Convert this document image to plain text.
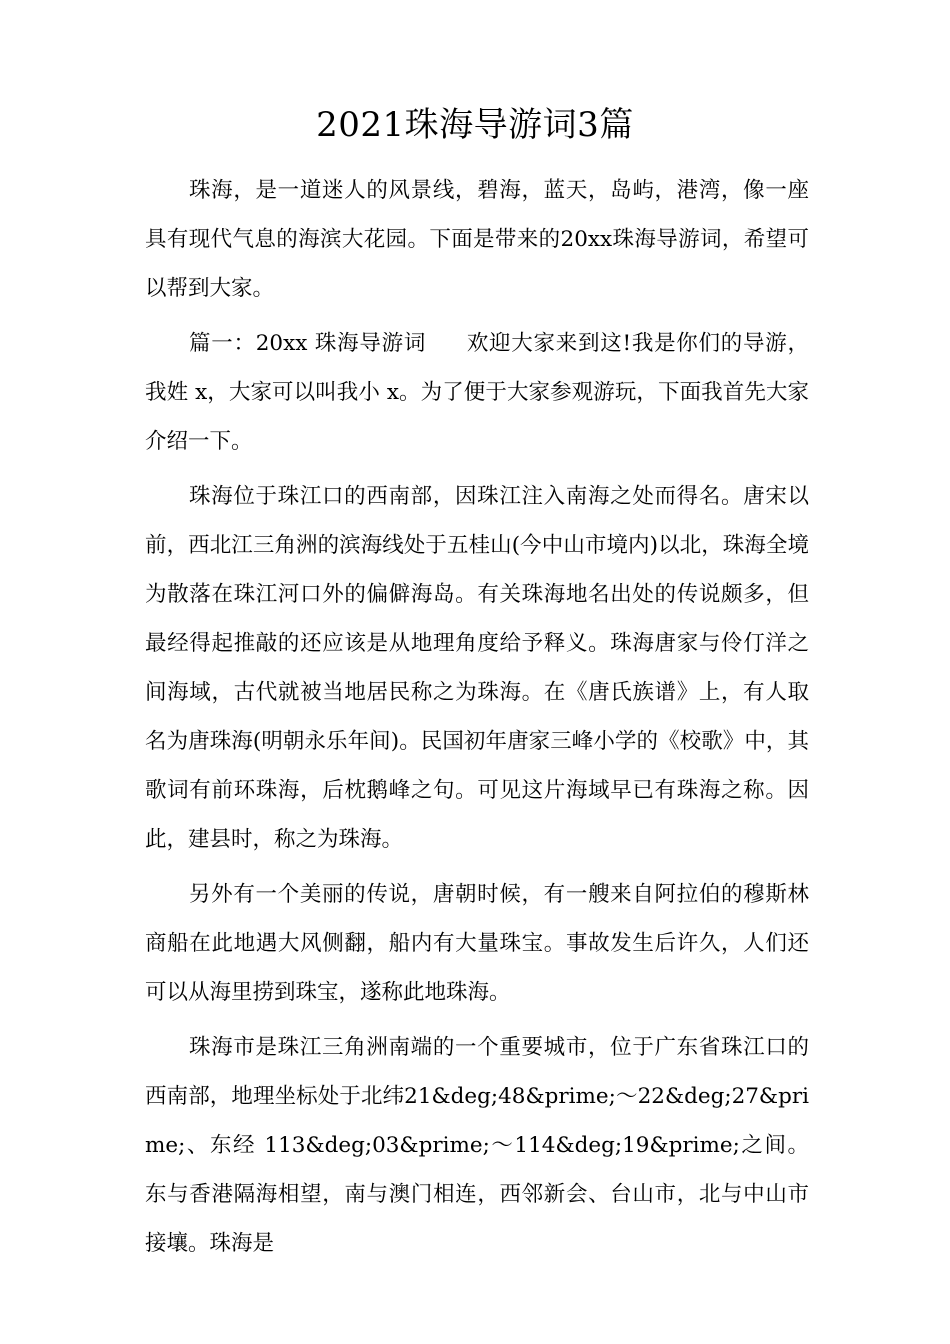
2021珠海导游词3篇

珠海，是一道迷人的风景线，碧海，蓝天，岛屿，港湾，像一座具有现代气息的海滨大花园。下面是带来的20xx珠海导游词，希望可以帮到大家。

篇一：20xx 珠海导游词 欢迎大家来到这!我是你们的导游，我姓 x，大家可以叫我小 x。为了便于大家参观游玩，下面我首先大家介绍一下。

珠海位于珠江口的西南部，因珠江注入南海之处而得名。唐宋以前，西北江三角洲的滨海线处于五桂山(今中山市境内)以北，珠海全境为散落在珠江河口外的偏僻海岛。有关珠海地名出处的传说颇多，但最经得起推敲的还应该是从地理角度给予释义。珠海唐家与伶仃洋之间海域，古代就被当地居民称之为珠海。在《唐氏族谱》上，有人取名为唐珠海(明朝永乐年间)。民国初年唐家三峰小学的《校歌》中，其歌词有前环珠海，后枕鹅峰之句。可见这片海域早已有珠海之称。因此，建县时，称之为珠海。

另外有一个美丽的传说，唐朝时候，有一艘来自阿拉伯的穆斯林商船在此地遇大风侧翻，船内有大量珠宝。事故发生后许久，人们还可以从海里捞到珠宝，遂称此地珠海。

珠海市是珠江三角洲南端的一个重要城市，位于广东省珠江口的西南部，地理坐标处于北纬21&deg;48&prime;～22&deg;27&prime;、东经 113&deg;03&prime;～114&deg;19&prime;之间。东与香港隔海相望，南与澳门相连，西邻新会、台山市，北与中山市接壤。珠海是
